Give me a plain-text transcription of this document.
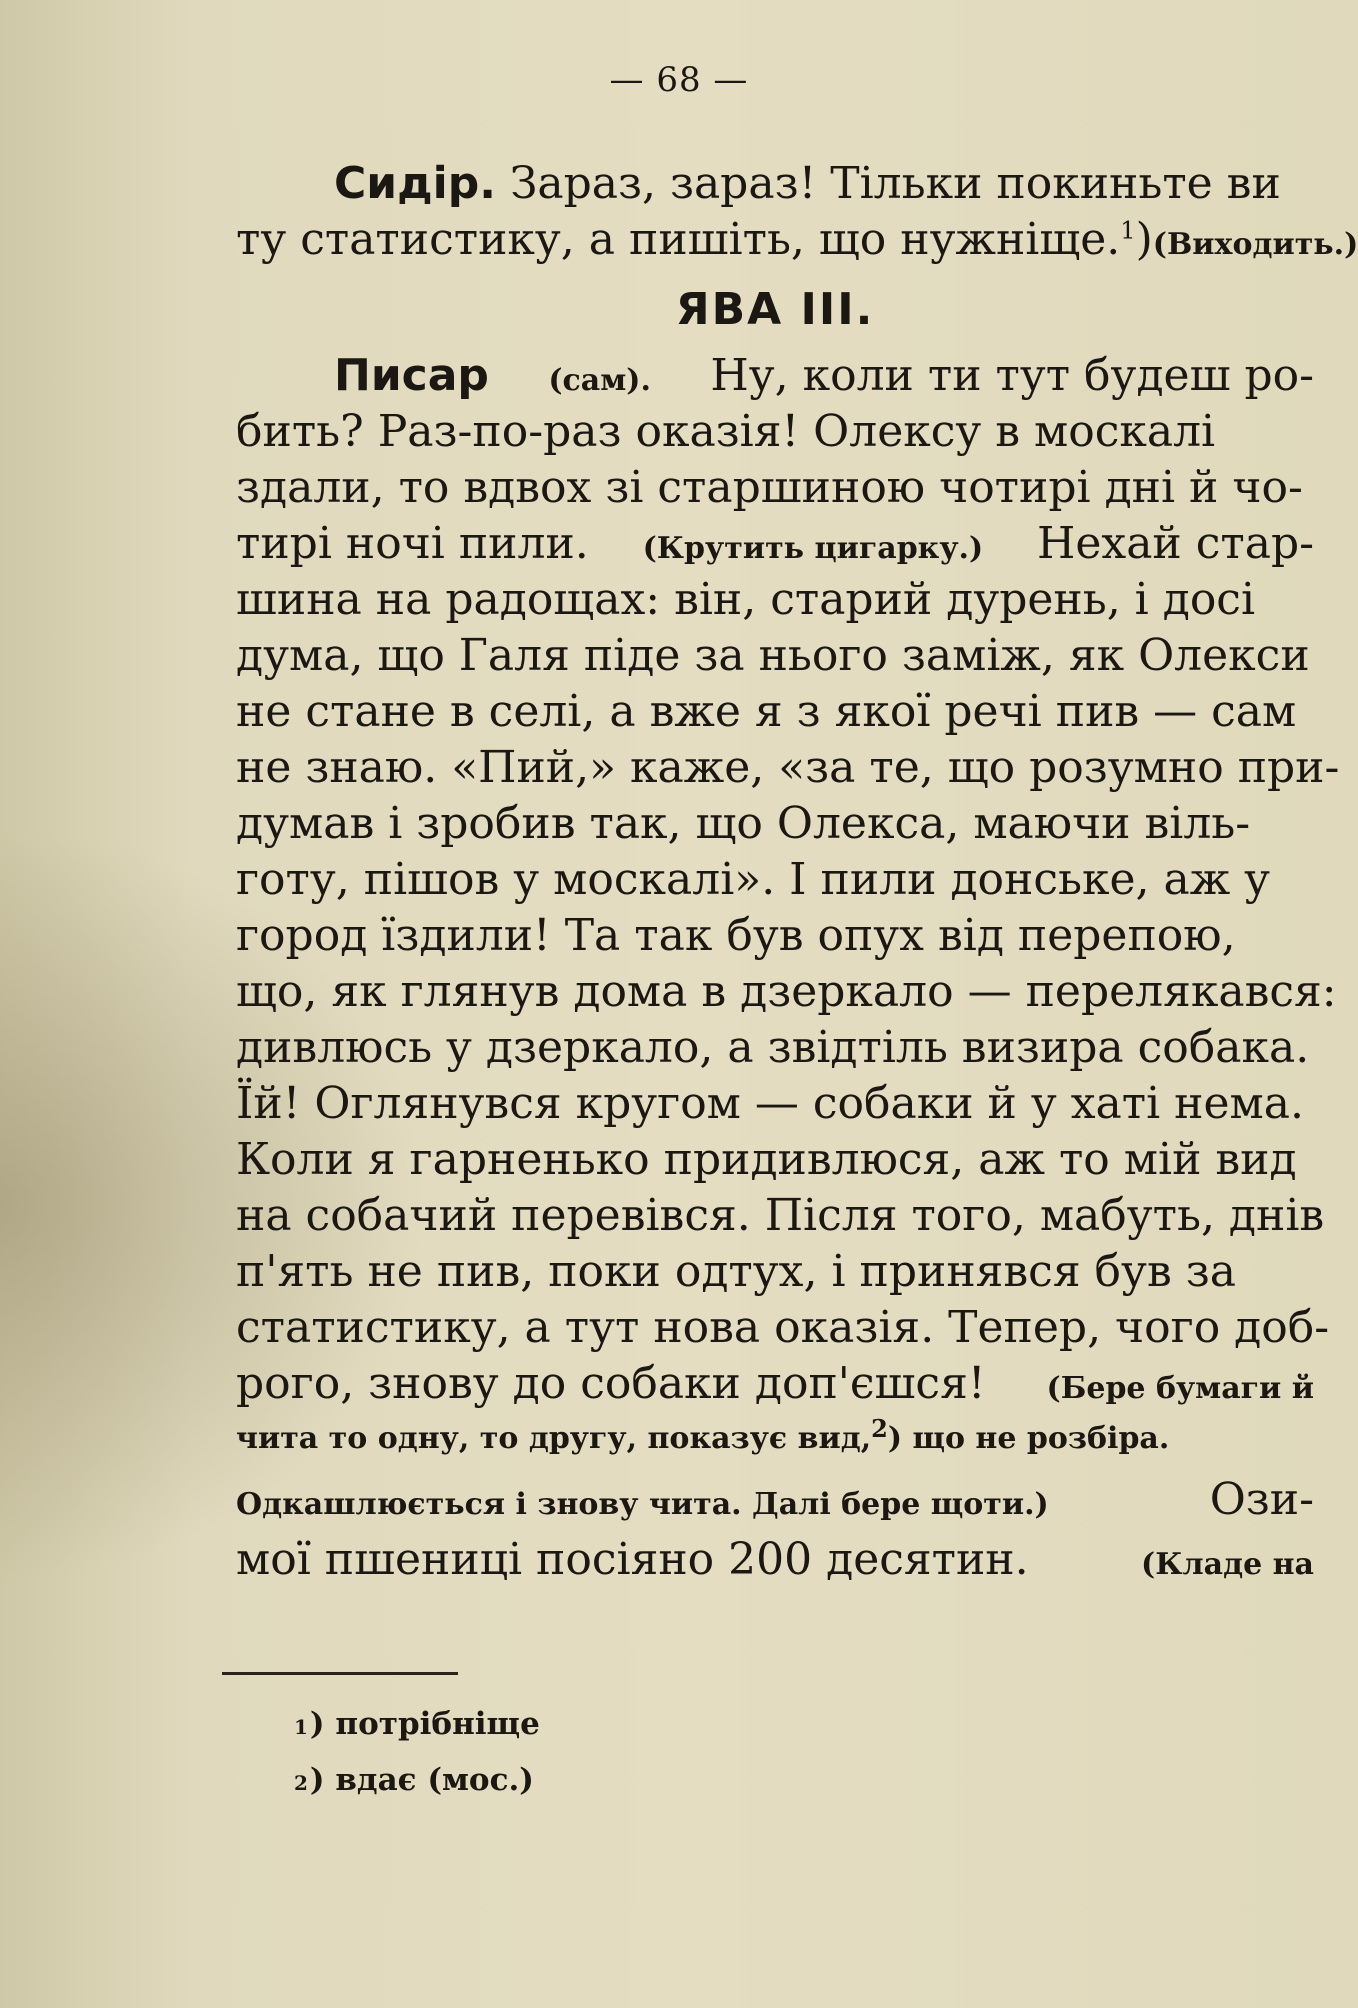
— 68 —
Сидір. Зараз, зараз! Тільки покиньте ви
ту статистику, а пишіть, що нужніще.$^1$) (Виходить.)
ЯВА III.
Писар (сам). Ну, коли ти тут будеш ро-
бить? Раз-по-раз оказія! Олексу в москалі
здали, то вдвох зі старшиною чотирі дні й чо-
тирі ночі пили. (Крутить цигарку.) Нехай стар-
шина на радощах: він, старий дурень, і досі
дума, що Галя піде за нього заміж, як Олекси
не стане в селі, а вже я з якої речі пив — сам
не знаю. «Пий,» каже, «за те, що розумно при-
думав і зробив так, що Олекса, маючи віль-
готу, пішов у москалі». І пили донське, аж у
город їздили! Та так був опух від перепою,
що, як глянув дома в дзеркало — перелякався:
дивлюсь у дзеркало, а звідтіль визира собака.
Їй! Оглянувся кругом — собаки й у хаті нема.
Коли я гарненько придивлюся, аж то мій вид
на собачий перевівся. Після того, мабуть, днів
п'ять не пив, поки одтух, і принявся був за
статистику, а тут нова оказія. Тепер, чого доб-
рого, знову до собаки доп'єшся! (Бере бумаги й
чита то одну, то другу, показує вид,$^2$) що не розбіра.
Одкашлюється і знову чита. Далі бере щоти.)	Ози-
мої пшениці посіяно 200 десятин.	(Кладе на
1 ) потрібніще
2 ) вдає (мос.)
